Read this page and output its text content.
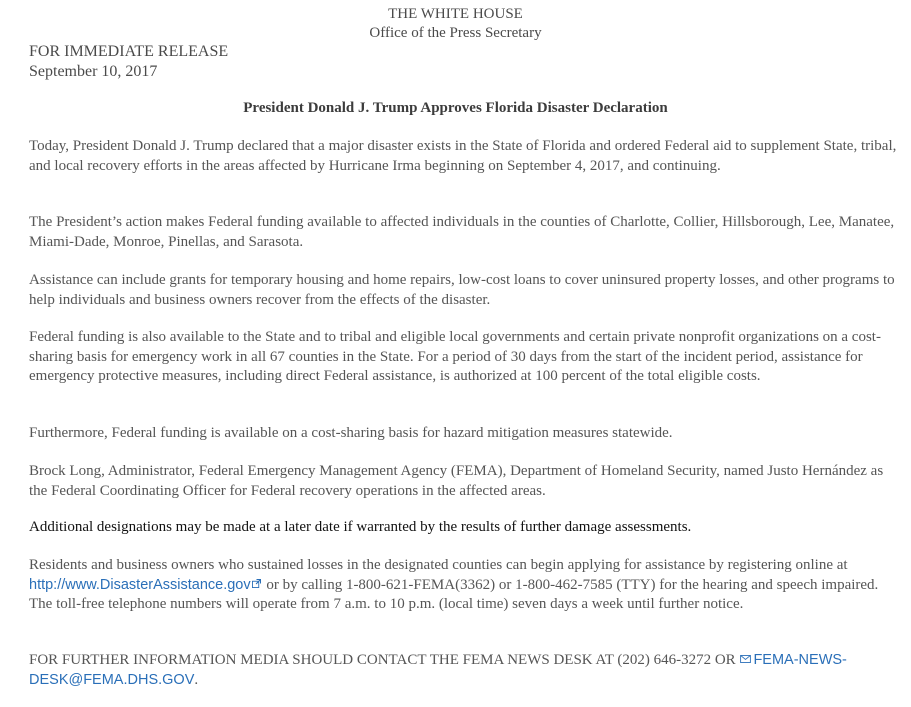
THE WHITE HOUSE
Office of the Press Secretary
FOR IMMEDIATE RELEASE
September 10, 2017
President Donald J. Trump Approves Florida Disaster Declaration
Today, President Donald J. Trump declared that a major disaster exists in the State of Florida and ordered Federal aid to supplement State, tribal, and local recovery efforts in the areas affected by Hurricane Irma beginning on September 4, 2017, and continuing.
The President’s action makes Federal funding available to affected individuals in the counties of Charlotte, Collier, Hillsborough, Lee, Manatee, Miami-Dade, Monroe, Pinellas, and Sarasota.
Assistance can include grants for temporary housing and home repairs, low-cost loans to cover uninsured property losses, and other programs to help individuals and business owners recover from the effects of the disaster.
Federal funding is also available to the State and to tribal and eligible local governments and certain private nonprofit organizations on a cost-sharing basis for emergency work in all 67 counties in the State. For a period of 30 days from the start of the incident period, assistance for emergency protective measures, including direct Federal assistance, is authorized at 100 percent of the total eligible costs.
Furthermore, Federal funding is available on a cost-sharing basis for hazard mitigation measures statewide.
Brock Long, Administrator, Federal Emergency Management Agency (FEMA), Department of Homeland Security, named Justo Hernández as the Federal Coordinating Officer for Federal recovery operations in the affected areas.
Additional designations may be made at a later date if warranted by the results of further damage assessments.
Residents and business owners who sustained losses in the designated counties can begin applying for assistance by registering online at http://www.DisasterAssistance.gov or by calling 1-800-621-FEMA(3362) or 1-800-462-7585 (TTY) for the hearing and speech impaired. The toll-free telephone numbers will operate from 7 a.m. to 10 p.m. (local time) seven days a week until further notice.
FOR FURTHER INFORMATION MEDIA SHOULD CONTACT THE FEMA NEWS DESK AT (202) 646-3272 OR FEMA-NEWS-DESK@FEMA.DHS.GOV.
